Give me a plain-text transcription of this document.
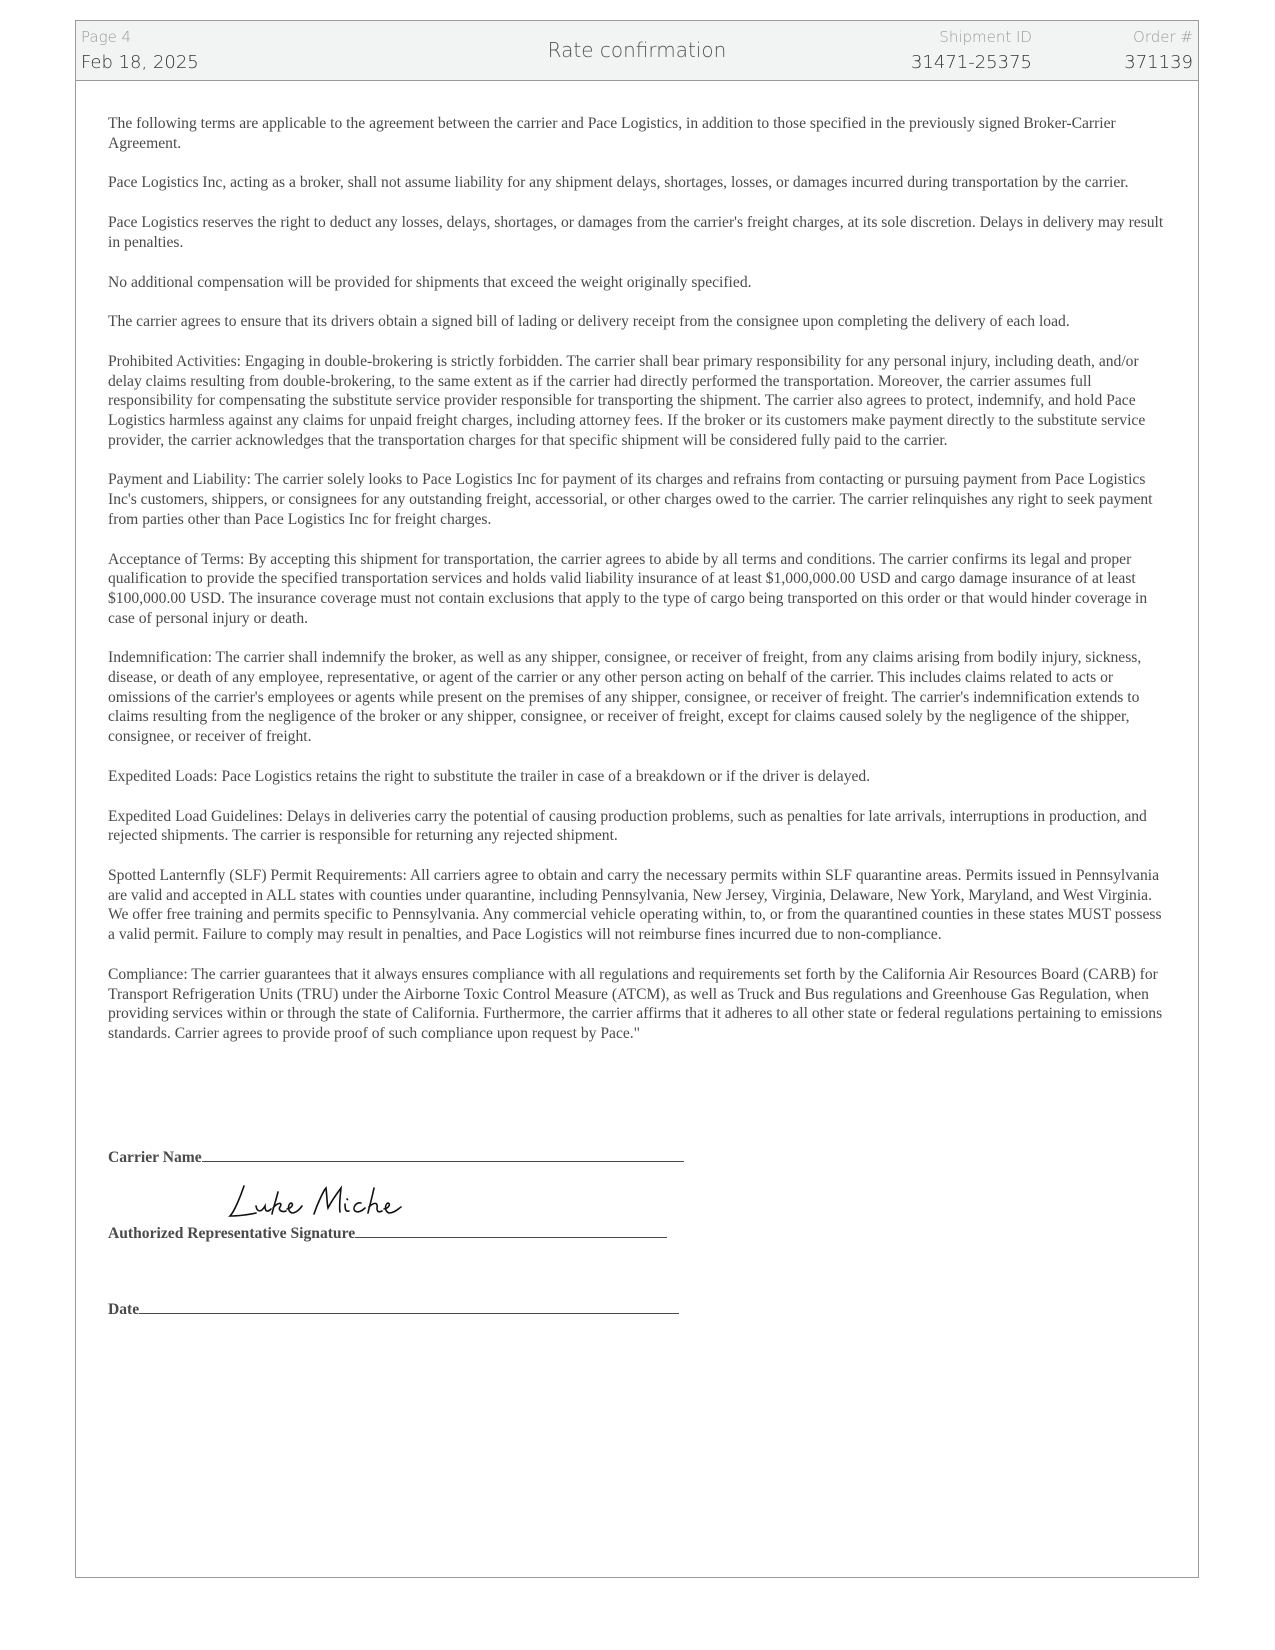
Page 4
Feb 18, 2025
Rate confirmation
Shipment ID
31471-25375
Order #
371139

The following terms are applicable to the agreement between the carrier and Pace Logistics, in addition to those specified in the previously signed Broker-Carrier Agreement.

Pace Logistics Inc, acting as a broker, shall not assume liability for any shipment delays, shortages, losses, or damages incurred during transportation by the carrier.

Pace Logistics reserves the right to deduct any losses, delays, shortages, or damages from the carrier's freight charges, at its sole discretion. Delays in delivery may result in penalties.

No additional compensation will be provided for shipments that exceed the weight originally specified.

The carrier agrees to ensure that its drivers obtain a signed bill of lading or delivery receipt from the consignee upon completing the delivery of each load.

Prohibited Activities: Engaging in double-brokering is strictly forbidden. The carrier shall bear primary responsibility for any personal injury, including death, and/or delay claims resulting from double-brokering, to the same extent as if the carrier had directly performed the transportation. Moreover, the carrier assumes full responsibility for compensating the substitute service provider responsible for transporting the shipment. The carrier also agrees to protect, indemnify, and hold Pace Logistics harmless against any claims for unpaid freight charges, including attorney fees. If the broker or its customers make payment directly to the substitute service provider, the carrier acknowledges that the transportation charges for that specific shipment will be considered fully paid to the carrier.

Payment and Liability: The carrier solely looks to Pace Logistics Inc for payment of its charges and refrains from contacting or pursuing payment from Pace Logistics Inc's customers, shippers, or consignees for any outstanding freight, accessorial, or other charges owed to the carrier. The carrier relinquishes any right to seek payment from parties other than Pace Logistics Inc for freight charges.

Acceptance of Terms: By accepting this shipment for transportation, the carrier agrees to abide by all terms and conditions. The carrier confirms its legal and proper qualification to provide the specified transportation services and holds valid liability insurance of at least $1,000,000.00 USD and cargo damage insurance of at least $100,000.00 USD. The insurance coverage must not contain exclusions that apply to the type of cargo being transported on this order or that would hinder coverage in case of personal injury or death.

Indemnification: The carrier shall indemnify the broker, as well as any shipper, consignee, or receiver of freight, from any claims arising from bodily injury, sickness, disease, or death of any employee, representative, or agent of the carrier or any other person acting on behalf of the carrier. This includes claims related to acts or omissions of the carrier's employees or agents while present on the premises of any shipper, consignee, or receiver of freight. The carrier's indemnification extends to claims resulting from the negligence of the broker or any shipper, consignee, or receiver of freight, except for claims caused solely by the negligence of the shipper, consignee, or receiver of freight.

Expedited Loads: Pace Logistics retains the right to substitute the trailer in case of a breakdown or if the driver is delayed.

Expedited Load Guidelines: Delays in deliveries carry the potential of causing production problems, such as penalties for late arrivals, interruptions in production, and rejected shipments. The carrier is responsible for returning any rejected shipment.

Spotted Lanternfly (SLF) Permit Requirements: All carriers agree to obtain and carry the necessary permits within SLF quarantine areas. Permits issued in Pennsylvania are valid and accepted in ALL states with counties under quarantine, including Pennsylvania, New Jersey, Virginia, Delaware, New York, Maryland, and West Virginia. We offer free training and permits specific to Pennsylvania. Any commercial vehicle operating within, to, or from the quarantined counties in these states MUST possess a valid permit. Failure to comply may result in penalties, and Pace Logistics will not reimburse fines incurred due to non-compliance.

Compliance: The carrier guarantees that it always ensures compliance with all regulations and requirements set forth by the California Air Resources Board (CARB) for Transport Refrigeration Units (TRU) under the Airborne Toxic Control Measure (ATCM), as well as Truck and Bus regulations and Greenhouse Gas Regulation, when providing services within or through the state of California. Furthermore, the carrier affirms that it adheres to all other state or federal regulations pertaining to emissions standards. Carrier agrees to provide proof of such compliance upon request by Pace."

Carrier Name
Authorized Representative Signature
Date
